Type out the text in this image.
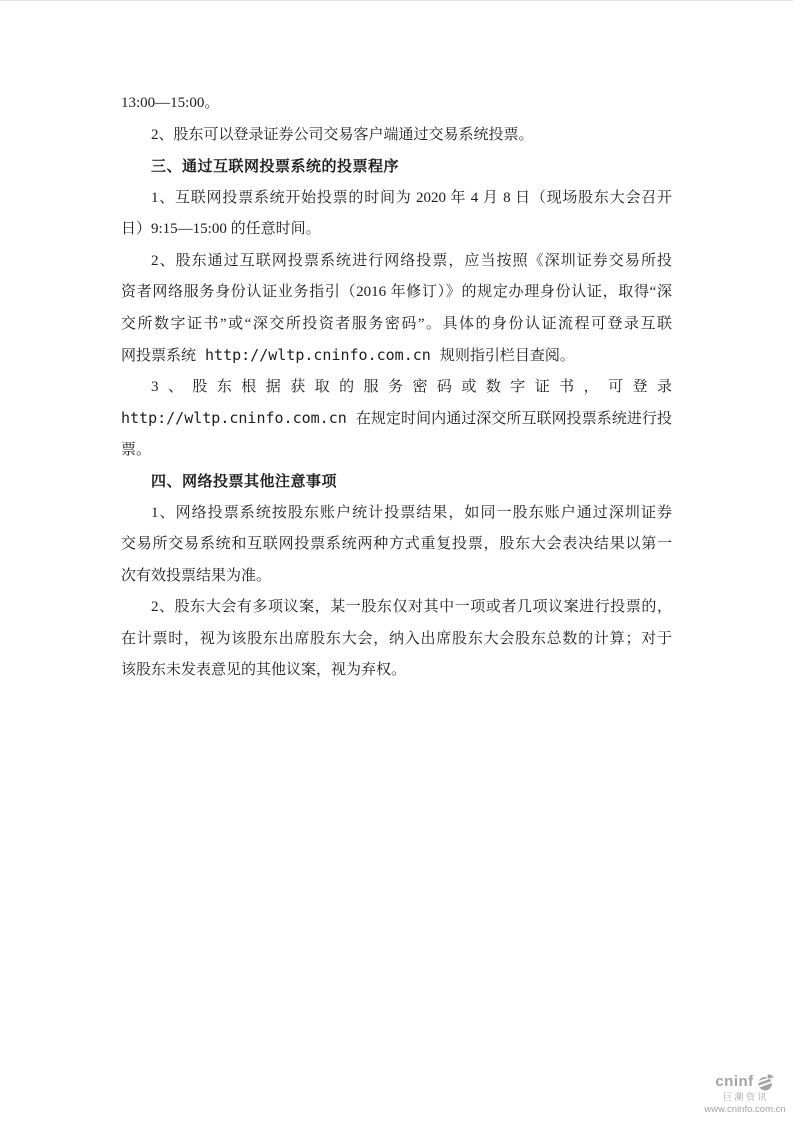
13:00—15:00。
2、股东可以登录证券公司交易客户端通过交易系统投票。
三、通过互联网投票系统的投票程序
1、互联网投票系统开始投票的时间为 2020 年 4 月 8 日（现场股东大会召开
日）9:15—15:00 的任意时间。
2、股东通过互联网投票系统进行网络投票，应当按照《深圳证券交易所投
资者网络服务身份认证业务指引（2016 年修订）》的规定办理身份认证，取得“深
交所数字证书”或“深交所投资者服务密码”。具体的身份认证流程可登录互联
网投票系统 http://wltp.cninfo.com.cn 规则指引栏目查阅。
3、股东根据获取的服务密码或数字证书，可登录
http://wltp.cninfo.com.cn 在规定时间内通过深交所互联网投票系统进行投
票。
四、网络投票其他注意事项
1、网络投票系统按股东账户统计投票结果，如同一股东账户通过深圳证券
交易所交易系统和互联网投票系统两种方式重复投票，股东大会表决结果以第一
次有效投票结果为准。
2、股东大会有多项议案，某一股东仅对其中一项或者几项议案进行投票的，
在计票时，视为该股东出席股东大会，纳入出席股东大会股东总数的计算；对于
该股东未发表意见的其他议案，视为弃权。
cninf
巨潮资讯
www.cninfo.com.cn
